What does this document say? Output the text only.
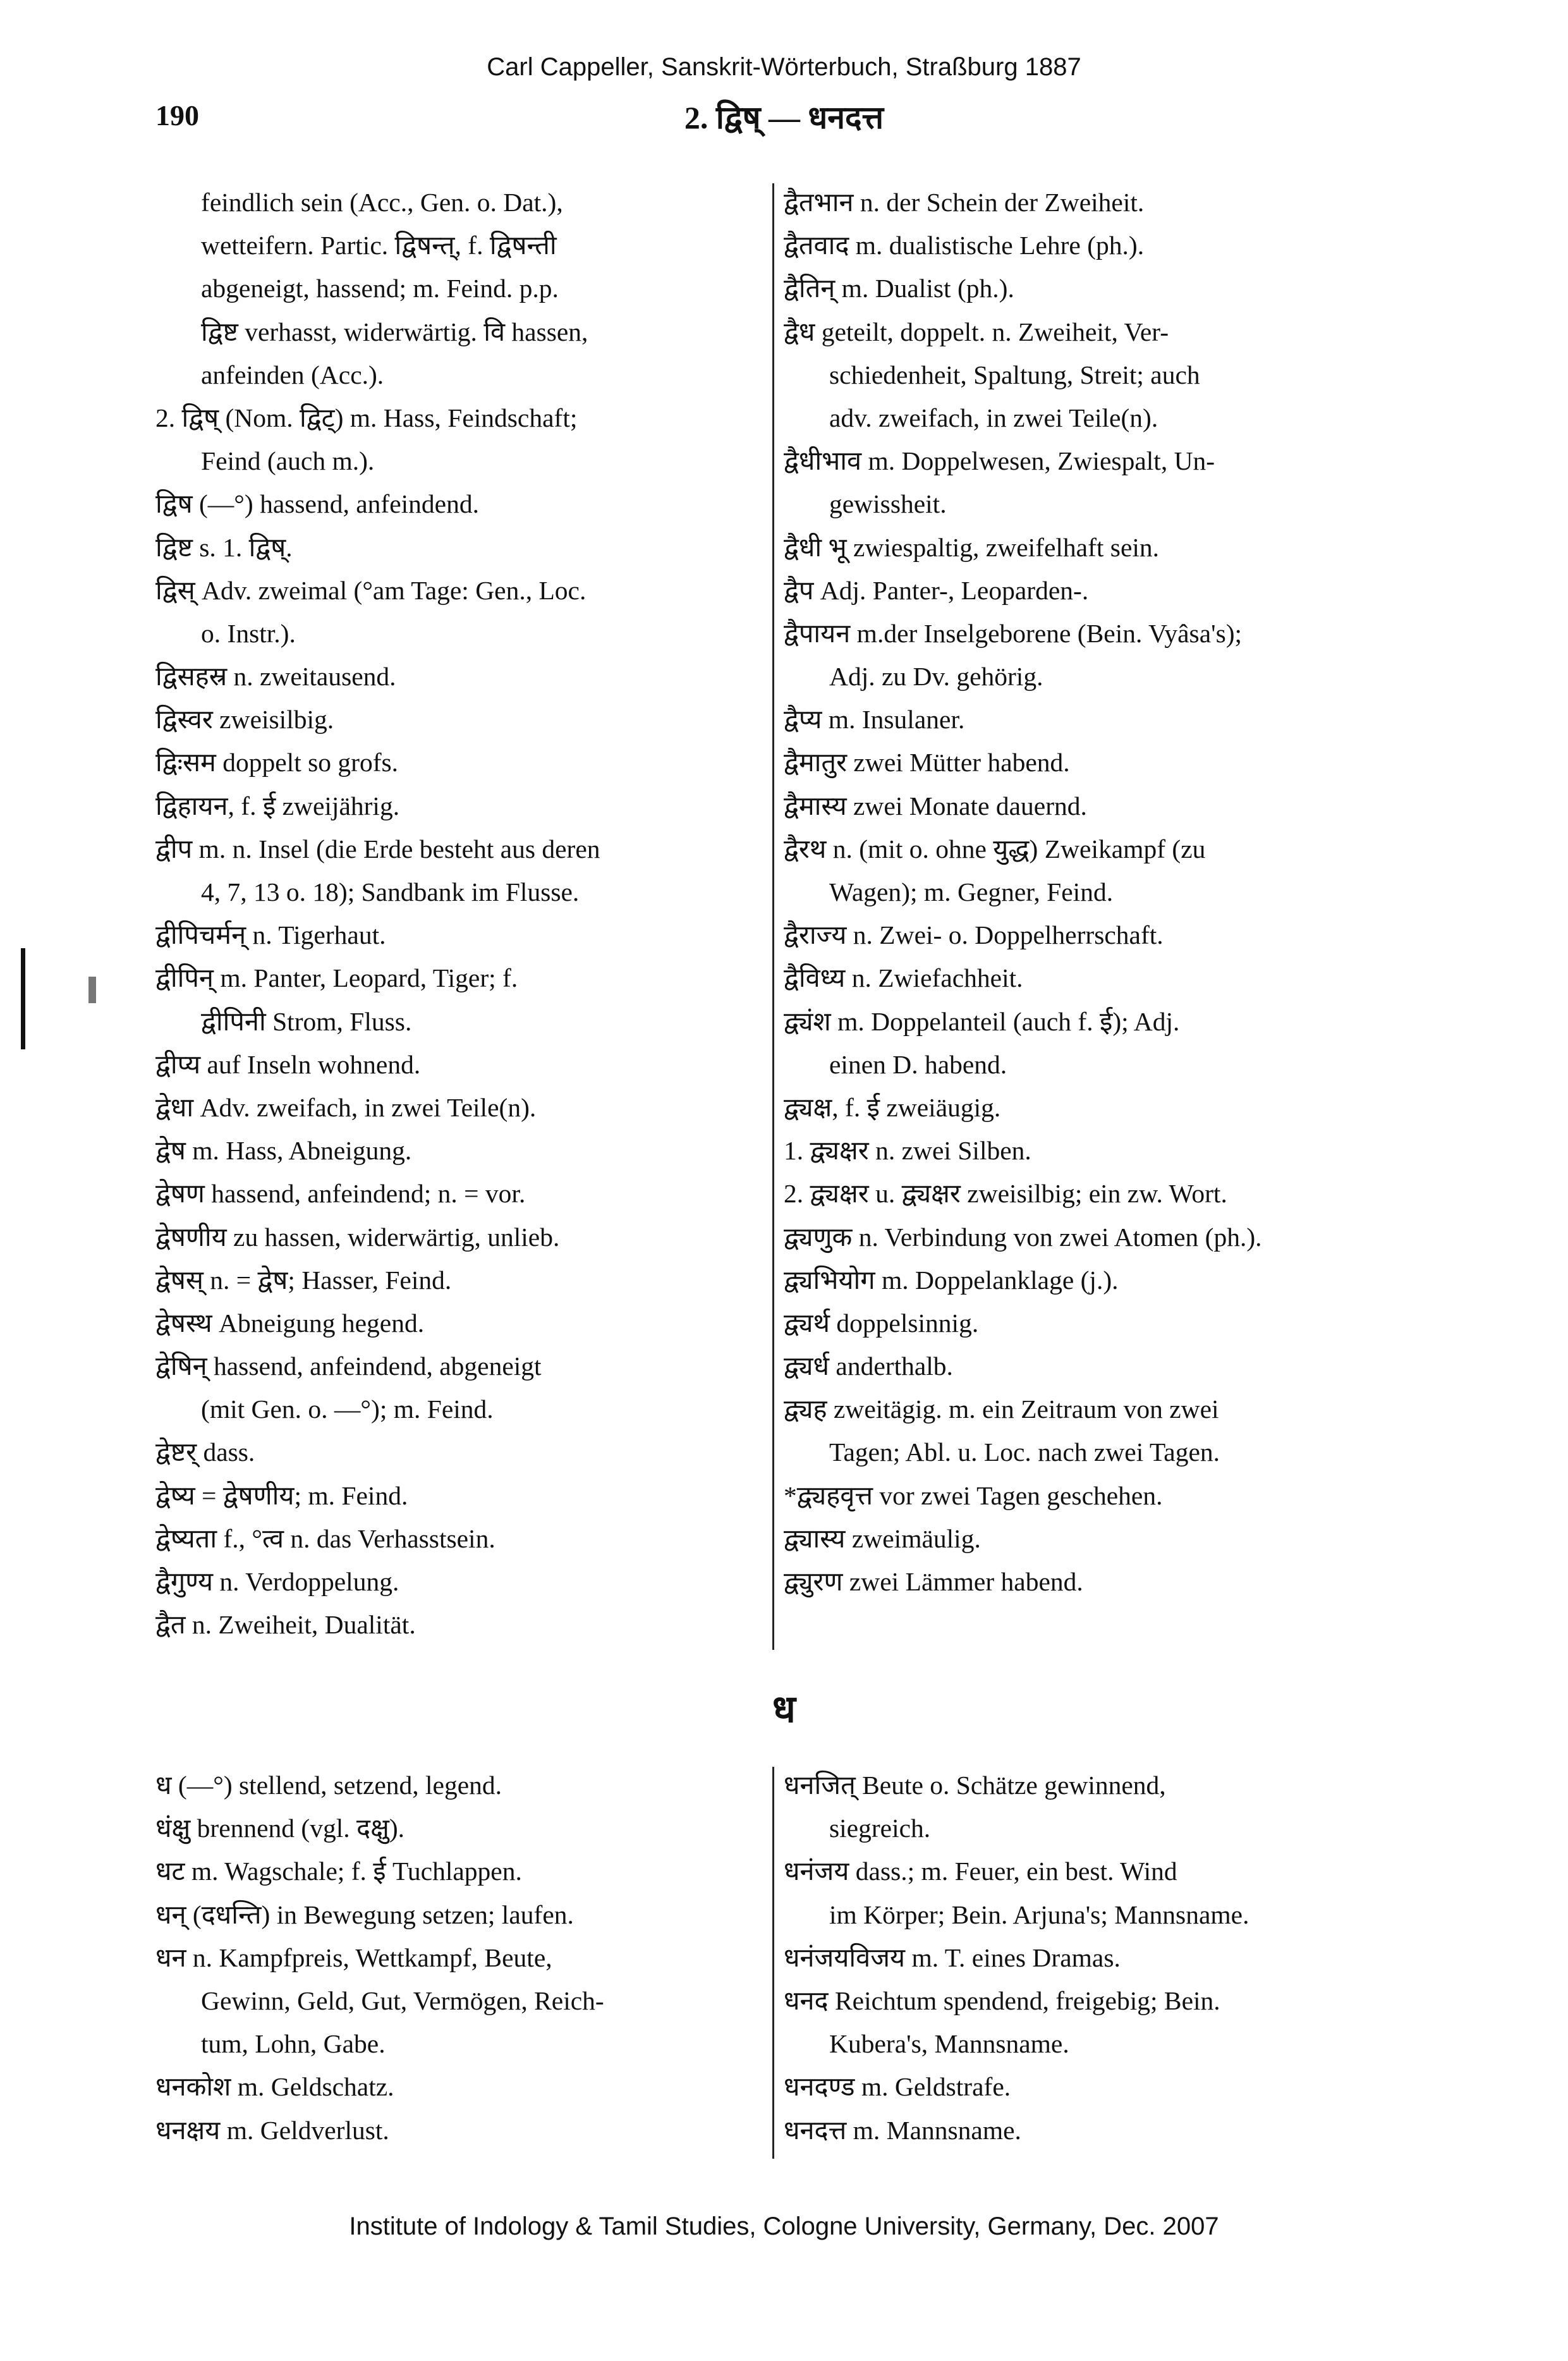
Carl Cappeller, Sanskrit-Wörterbuch, Straßburg 1887
190	2. द्विष् — धनदत्त
feindlich sein (Acc., Gen. o. Dat.),
wetteifern. Partic. द्विषन्त्, f. द्विषन्ती
abgeneigt, hassend; m. Feind. p.p.
द्विष्ट verhasst, widerwärtig. वि hassen,
anfeinden (Acc.).
2. द्विष् (Nom. द्विट्) m. Hass, Feindschaft;
Feind (auch m.).
द्विष (—°) hassend, anfeindend.
द्विष्ट s. 1. द्विष्.
द्विस् Adv. zweimal (°am Tage: Gen., Loc.
o. Instr.).
द्विसहस्र n. zweitausend.
द्विस्वर zweisilbig.
द्विःसम doppelt so grofs.
द्विहायन, f. ई zweijährig.
द्वीप m. n. Insel (die Erde besteht aus deren
4, 7, 13 o. 18); Sandbank im Flusse.
द्वीपिचर्मन् n. Tigerhaut.
द्वीपिन् m. Panter, Leopard, Tiger; f.
द्वीपिनी Strom, Fluss.
द्वीप्य auf Inseln wohnend.
द्वेधा Adv. zweifach, in zwei Teile(n).
द्वेष m. Hass, Abneigung.
द्वेषण hassend, anfeindend; n. = vor.
द्वेषणीय zu hassen, widerwärtig, unlieb.
द्वेषस् n. = द्वेष; Hasser, Feind.
द्वेषस्थ Abneigung hegend.
द्वेषिन् hassend, anfeindend, abgeneigt
(mit Gen. o. —°); m. Feind.
द्वेष्टर् dass.
द्वेष्य = द्वेषणीय; m. Feind.
द्वेष्यता f., °त्व n. das Verhasstsein.
द्वैगुण्य n. Verdoppelung.
द्वैत n. Zweiheit, Dualität.
द्वैतभान n. der Schein der Zweiheit.
द्वैतवाद m. dualistische Lehre (ph.).
द्वैतिन् m. Dualist (ph.).
द्वैध geteilt, doppelt. n. Zweiheit, Ver-
schiedenheit, Spaltung, Streit; auch
adv. zweifach, in zwei Teile(n).
द्वैधीभाव m. Doppelwesen, Zwiespalt, Un-
gewissheit.
द्वैधी भू zwiespaltig, zweifelhaft sein.
द्वैप Adj. Panter-, Leoparden-.
द्वैपायन m.der Inselgeborene (Bein. Vyâsa's);
Adj. zu Dv. gehörig.
द्वैप्य m. Insulaner.
द्वैमातुर zwei Mütter habend.
द्वैमास्य zwei Monate dauernd.
द्वैरथ n. (mit o. ohne युद्ध) Zweikampf (zu
Wagen); m. Gegner, Feind.
द्वैराज्य n. Zwei- o. Doppelherrschaft.
द्वैविध्य n. Zwiefachheit.
द्व्यंश m. Doppelanteil (auch f. ई); Adj.
einen D. habend.
द्व्यक्ष, f. ई zweiäugig.
1. द्व्यक्षर n. zwei Silben.
2. द्व्यक्षर u. द्व्यक्षर zweisilbig; ein zw. Wort.
द्व्यणुक n. Verbindung von zwei Atomen (ph.).
द्व्यभियोग m. Doppelanklage (j.).
द्व्यर्थ doppelsinnig.
द्व्यर्ध anderthalb.
द्व्यह zweitägig. m. ein Zeitraum von zwei
Tagen; Abl. u. Loc. nach zwei Tagen.
*द्व्यहवृत्त vor zwei Tagen geschehen.
द्व्यास्य zweimäulig.
द्व्युरण zwei Lämmer habend.
ध
ध (—°) stellend, setzend, legend.
धंक्षु brennend (vgl. दक्षु).
धट m. Wagschale; f. ई Tuchlappen.
धन् (दधन्ति) in Bewegung setzen; laufen.
धन n. Kampfpreis, Wettkampf, Beute,
Gewinn, Geld, Gut, Vermögen, Reich-
tum, Lohn, Gabe.
धनकोश m. Geldschatz.
धनक्षय m. Geldverlust.
धनजित् Beute o. Schätze gewinnend,
siegreich.
धनंजय dass.; m. Feuer, ein best. Wind
im Körper; Bein. Arjuna's; Mannsname.
धनंजयविजय m. T. eines Dramas.
धनद Reichtum spendend, freigebig; Bein.
Kubera's, Mannsname.
धनदण्ड m. Geldstrafe.
धनदत्त m. Mannsname.
Institute of Indology & Tamil Studies, Cologne University, Germany, Dec. 2007
